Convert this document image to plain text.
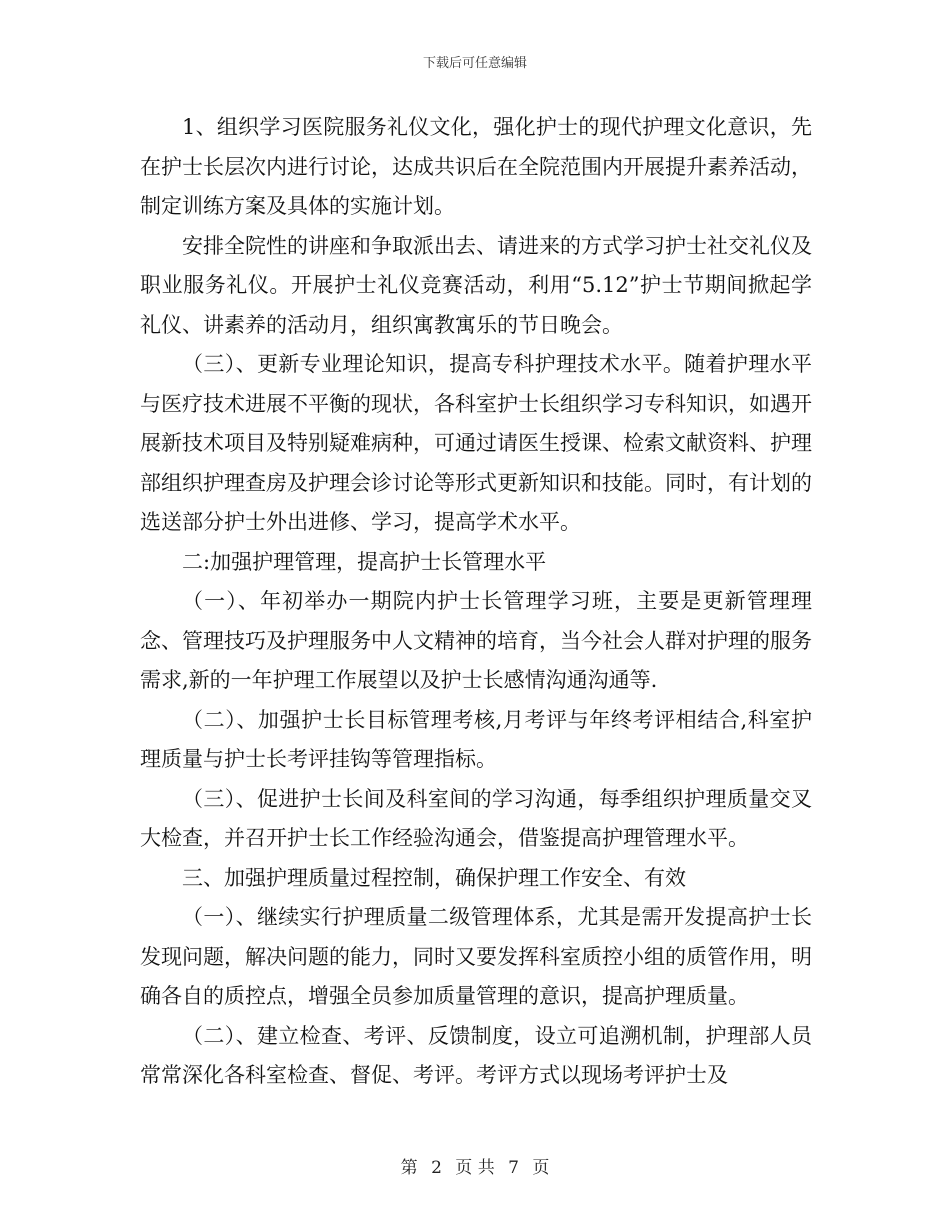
下载后可任意编辑

1、组织学习医院服务礼仪文化，强化护士的现代护理文化意识，先在护士长层次内进行讨论，达成共识后在全院范围内开展提升素养活动，制定训练方案及具体的实施计划。

安排全院性的讲座和争取派出去、请进来的方式学习护士社交礼仪及职业服务礼仪。开展护士礼仪竞赛活动，利用“5.12”护士节期间掀起学礼仪、讲素养的活动月，组织寓教寓乐的节日晚会。

（三）、更新专业理论知识，提高专科护理技术水平。随着护理水平与医疗技术进展不平衡的现状，各科室护士长组织学习专科知识，如遇开展新技术项目及特别疑难病种，可通过请医生授课、检索文献资料、护理部组织护理查房及护理会诊讨论等形式更新知识和技能。同时，有计划的选送部分护士外出进修、学习，提高学术水平。

二:加强护理管理，提高护士长管理水平

（一）、年初举办一期院内护士长管理学习班，主要是更新管理理念、管理技巧及护理服务中人文精神的培育，当今社会人群对护理的服务需求,新的一年护理工作展望以及护士长感情沟通沟通等.

（二）、加强护士长目标管理考核,月考评与年终考评相结合,科室护理质量与护士长考评挂钩等管理指标。

（三）、促进护士长间及科室间的学习沟通，每季组织护理质量交叉大检查，并召开护士长工作经验沟通会，借鉴提高护理管理水平。

三、加强护理质量过程控制，确保护理工作安全、有效

（一）、继续实行护理质量二级管理体系，尤其是需开发提高护士长发现问题，解决问题的能力，同时又要发挥科室质控小组的质管作用，明确各自的质控点，增强全员参加质量管理的意识，提高护理质量。

（二）、建立检查、考评、反馈制度，设立可追溯机制，护理部人员常常深化各科室检查、督促、考评。考评方式以现场考评护士及

第 2 页 共 7 页
